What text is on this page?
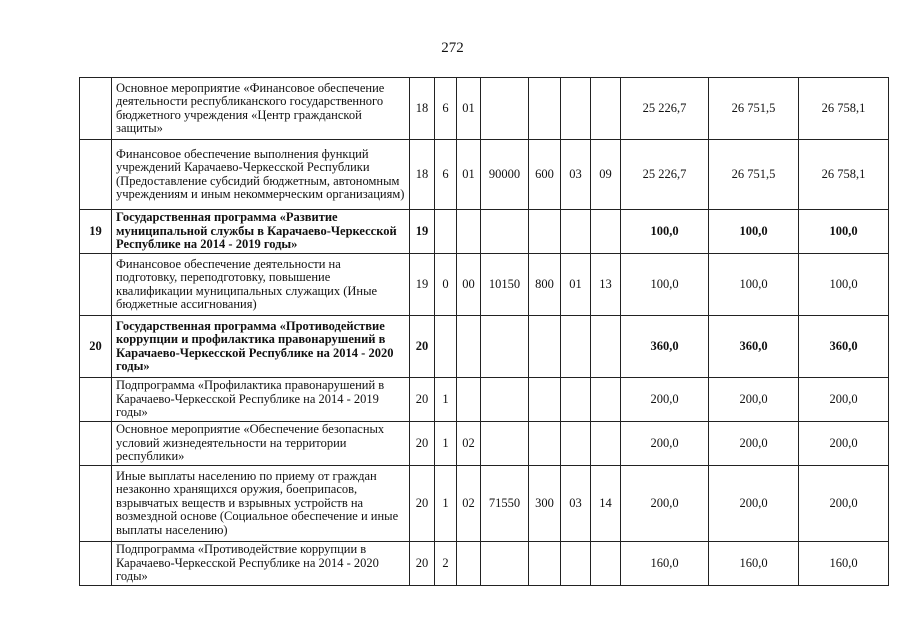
272
	Основное мероприятие «Финансовое обеспечение деятельности республиканского государственного бюджетного учреждения «Центр гражданской защиты»	18	6	01					25 226,7	26 751,5	26 758,1
	Финансовое обеспечение выполнения функций учреждений Карачаево-Черкесской Республики (Предоставление субсидий бюджетным, автономным учреждениям и иным некоммерческим организациям)	18	6	01	90000	600	03	09	25 226,7	26 751,5	26 758,1
19	Государственная программа «Развитие муниципальной службы в Карачаево-Черкесской Республике на 2014 - 2019 годы»	19							100,0	100,0	100,0
	Финансовое обеспечение деятельности на подготовку, переподготовку, повышение квалификации муниципальных служащих (Иные бюджетные ассигнования)	19	0	00	10150	800	01	13	100,0	100,0	100,0
20	Государственная программа «Противодействие коррупции и профилактика правонарушений в Карачаево-Черкесской Республике на 2014 - 2020 годы»	20							360,0	360,0	360,0
	Подпрограмма «Профилактика правонарушений в Карачаево-Черкесской Республике на 2014 - 2019 годы»	20	1						200,0	200,0	200,0
	Основное мероприятие «Обеспечение безопасных условий жизнедеятельности на территории республики»	20	1	02					200,0	200,0	200,0
	Иные выплаты населению по приему от граждан незаконно хранящихся оружия, боеприпасов, взрывчатых веществ и взрывных устройств на возмездной основе (Социальное обеспечение и иные выплаты населению)	20	1	02	71550	300	03	14	200,0	200,0	200,0
	Подпрограмма «Противодействие коррупции в Карачаево-Черкесской Республике на 2014 - 2020 годы»	20	2						160,0	160,0	160,0
